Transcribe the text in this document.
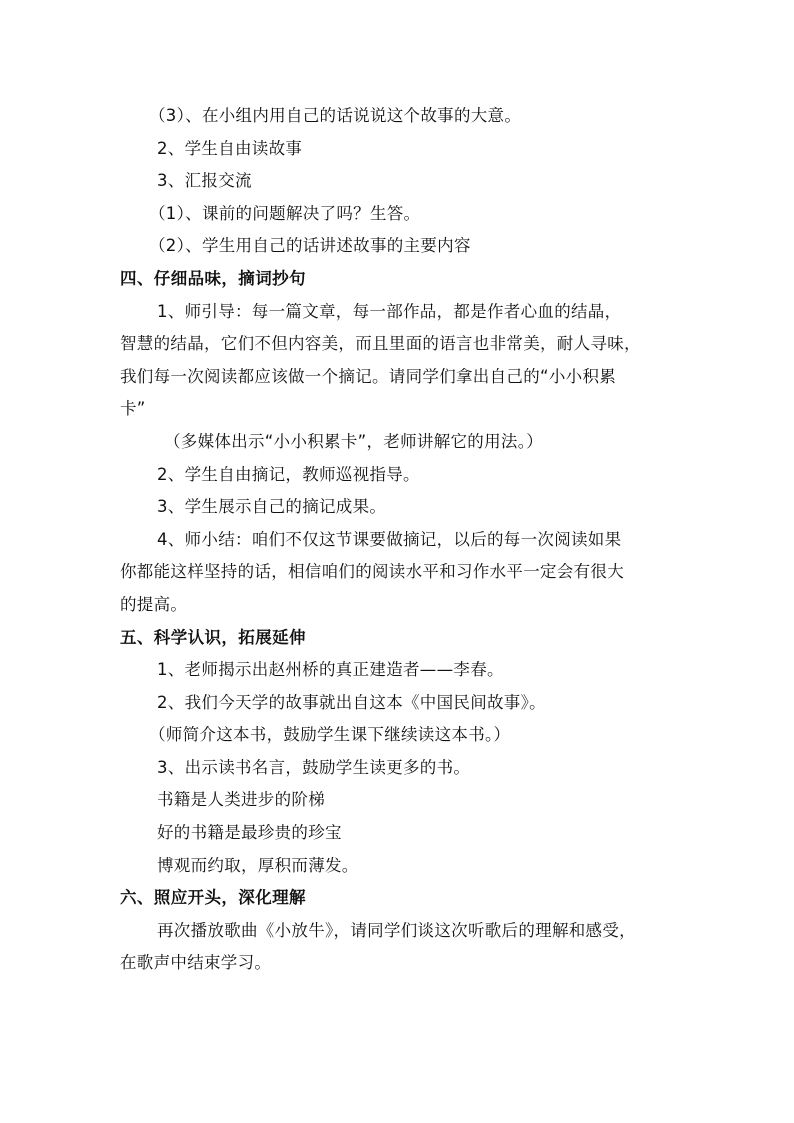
（3）、在小组内用自己的话说说这个故事的大意。
2、学生自由读故事
3、汇报交流
（1）、课前的问题解决了吗？生答。
（2）、学生用自己的话讲述故事的主要内容
四、仔细品味，摘词抄句
1、师引导：每一篇文章，每一部作品，都是作者心血的结晶，
智慧的结晶，它们不但内容美，而且里面的语言也非常美，耐人寻味，
我们每一次阅读都应该做一个摘记。请同学们拿出自己的“小小积累
卡”
（多媒体出示“小小积累卡”，老师讲解它的用法。）
2、学生自由摘记，教师巡视指导。
3、学生展示自己的摘记成果。
4、师小结：咱们不仅这节课要做摘记，以后的每一次阅读如果
你都能这样坚持的话，相信咱们的阅读水平和习作水平一定会有很大
的提高。
五、科学认识，拓展延伸
1、老师揭示出赵州桥的真正建造者——李春。
2、我们今天学的故事就出自这本《中国民间故事》。
（师简介这本书，鼓励学生课下继续读这本书。）
3、出示读书名言，鼓励学生读更多的书。
书籍是人类进步的阶梯
好的书籍是最珍贵的珍宝
博观而约取，厚积而薄发。
六、照应开头，深化理解
再次播放歌曲《小放牛》，请同学们谈这次听歌后的理解和感受，
在歌声中结束学习。
